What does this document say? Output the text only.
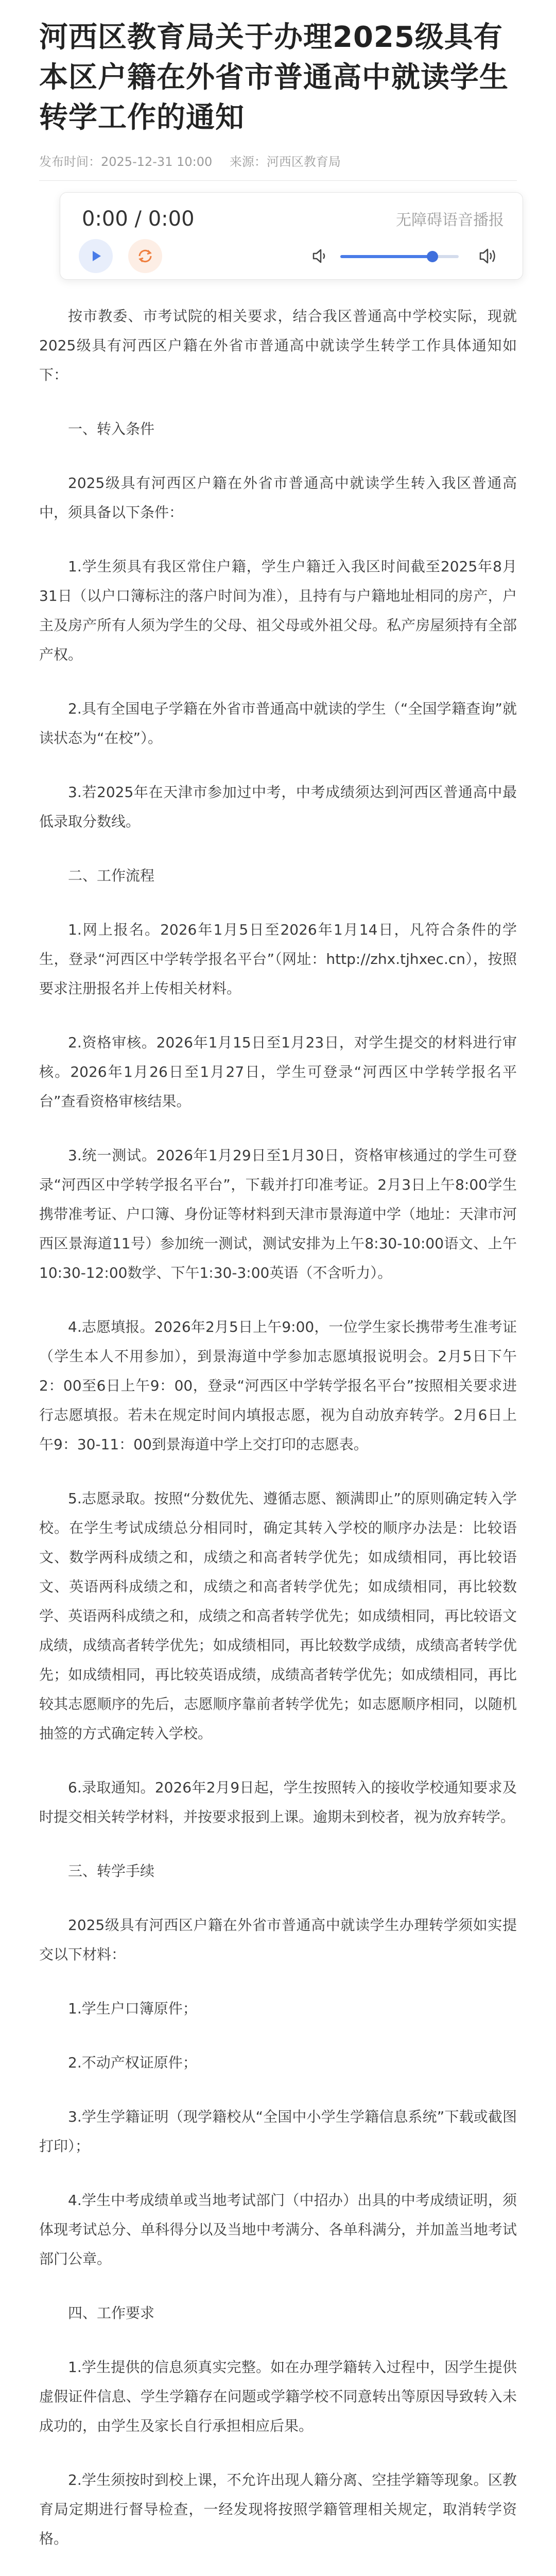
河西区教育局关于办理2025级具有本区户籍在外省市普通高中就读学生转学工作的通知
发布时间：2025-12-31 10:00 来源：河西区教育局
0:00 / 0:00	无障碍语音播报

按市教委、市考试院的相关要求，结合我区普通高中学校实际，现就2025级具有河西区户籍在外省市普通高中就读学生转学工作具体通知如下：

一、转入条件

2025级具有河西区户籍在外省市普通高中就读学生转入我区普通高中，须具备以下条件：

1.学生须具有我区常住户籍，学生户籍迁入我区时间截至2025年8月31日（以户口簿标注的落户时间为准），且持有与户籍地址相同的房产，户主及房产所有人须为学生的父母、祖父母或外祖父母。私产房屋须持有全部产权。

2.具有全国电子学籍在外省市普通高中就读的学生（“全国学籍查询”就读状态为“在校”）。

3.若2025年在天津市参加过中考，中考成绩须达到河西区普通高中最低录取分数线。

二、工作流程

1.网上报名。2026年1月5日至2026年1月14日，凡符合条件的学生，登录“河西区中学转学报名平台”（网址：http://zhx.tjhxec.cn），按照要求注册报名并上传相关材料。

2.资格审核。2026年1月15日至1月23日，对学生提交的材料进行审核。2026年1月26日至1月27日，学生可登录“河西区中学转学报名平台”查看资格审核结果。

3.统一测试。2026年1月29日至1月30日，资格审核通过的学生可登录“河西区中学转学报名平台”，下载并打印准考证。2月3日上午8:00学生携带准考证、户口簿、身份证等材料到天津市景海道中学（地址：天津市河西区景海道11号）参加统一测试，测试安排为上午8:30-10:00语文、上午10:30-12:00数学、下午1:30-3:00英语（不含听力）。

4.志愿填报。2026年2月5日上午9:00，一位学生家长携带考生准考证（学生本人不用参加），到景海道中学参加志愿填报说明会。2月5日下午2：00至6日上午9：00，登录“河西区中学转学报名平台”按照相关要求进行志愿填报。若未在规定时间内填报志愿，视为自动放弃转学。2月6日上午9：30-11：00到景海道中学上交打印的志愿表。

5.志愿录取。按照“分数优先、遵循志愿、额满即止”的原则确定转入学校。在学生考试成绩总分相同时，确定其转入学校的顺序办法是：比较语文、数学两科成绩之和，成绩之和高者转学优先；如成绩相同，再比较语文、英语两科成绩之和，成绩之和高者转学优先；如成绩相同，再比较数学、英语两科成绩之和，成绩之和高者转学优先；如成绩相同，再比较语文成绩，成绩高者转学优先；如成绩相同，再比较数学成绩，成绩高者转学优先；如成绩相同，再比较英语成绩，成绩高者转学优先；如成绩相同，再比较其志愿顺序的先后，志愿顺序靠前者转学优先；如志愿顺序相同，以随机抽签的方式确定转入学校。

6.录取通知。2026年2月9日起，学生按照转入的接收学校通知要求及时提交相关转学材料，并按要求报到上课。逾期未到校者，视为放弃转学。

三、转学手续

2025级具有河西区户籍在外省市普通高中就读学生办理转学须如实提交以下材料：

1.学生户口簿原件；

2.不动产权证原件；

3.学生学籍证明（现学籍校从“全国中小学生学籍信息系统”下载或截图打印）；

4.学生中考成绩单或当地考试部门（中招办）出具的中考成绩证明，须体现考试总分、单科得分以及当地中考满分、各单科满分，并加盖当地考试部门公章。

四、工作要求

1.学生提供的信息须真实完整。如在办理学籍转入过程中，因学生提供虚假证件信息、学生学籍存在问题或学籍学校不同意转出等原因导致转入未成功的，由学生及家长自行承担相应后果。

2.学生须按时到校上课，不允许出现人籍分离、空挂学籍等现象。区教育局定期进行督导检查，一经发现将按照学籍管理相关规定，取消转学资格。
